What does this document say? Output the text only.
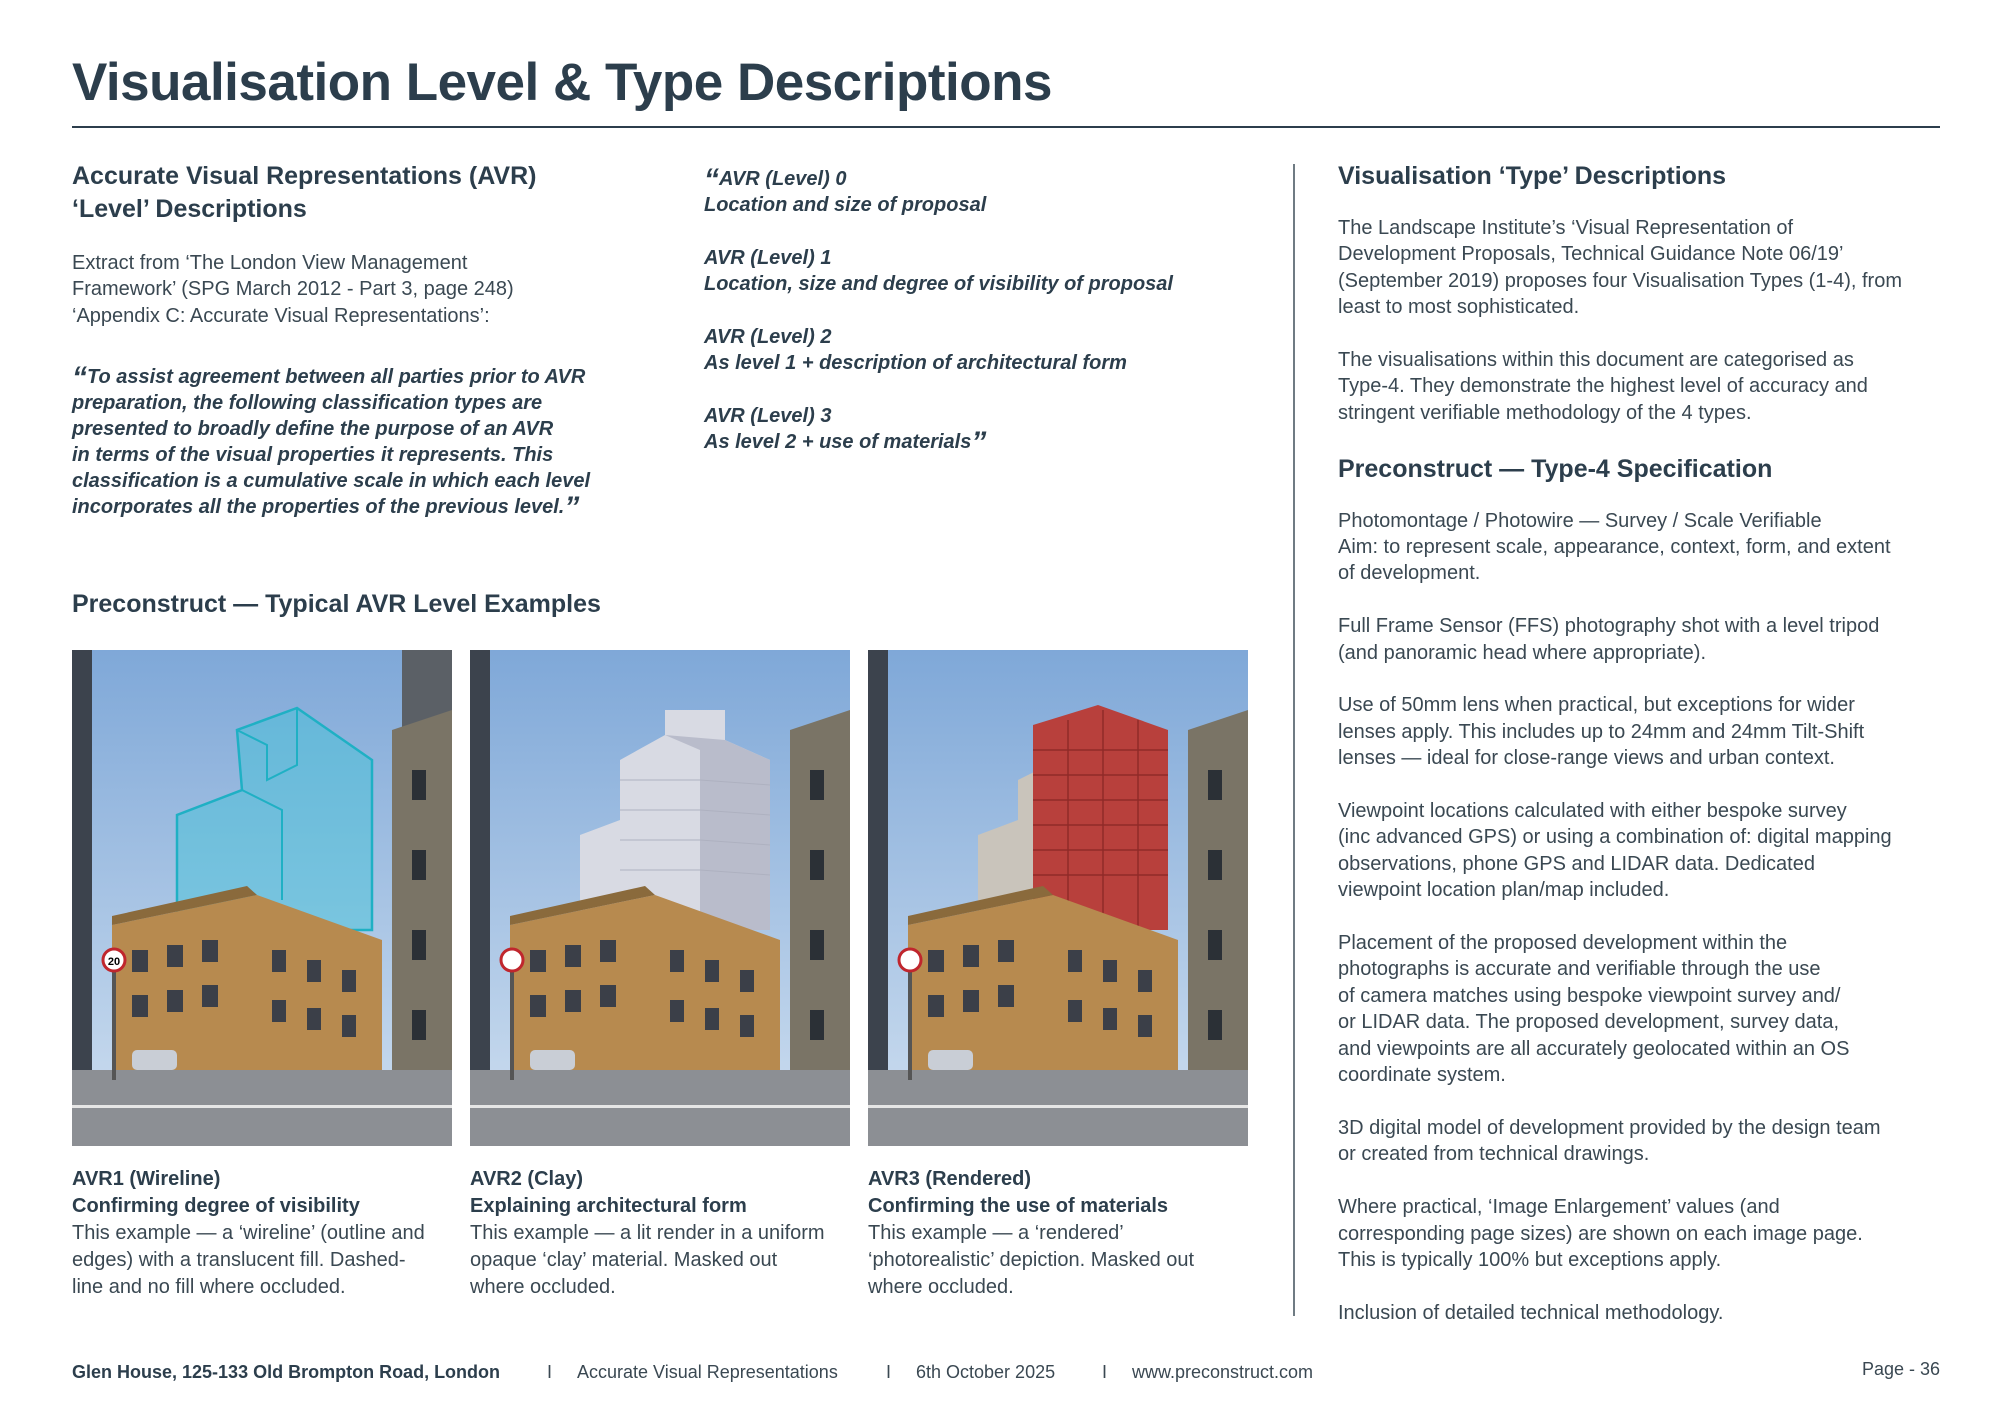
Visualisation Level & Type Descriptions
Accurate Visual Representations (AVR)
‘Level’ Descriptions
Extract from ‘The London View Management
Framework’ (SPG March 2012 - Part 3, page 248)
‘Appendix C: Accurate Visual Representations’:
“To assist agreement between all parties prior to AVR
preparation, the following classification types are
presented to broadly define the purpose of an AVR
in terms of the visual properties it represents. This
classification is a cumulative scale in which each level
incorporates all the properties of the previous level.”
“AVR (Level) 0
Location and size of proposal
AVR (Level) 1
Location, size and degree of visibility of proposal
AVR (Level) 2
As level 1 + description of architectural form
AVR (Level) 3
As level 2 + use of materials”
Preconstruct — Typical AVR Level Examples
20
AVR1 (Wireline)
Confirming degree of visibility
This example — a ‘wireline’ (outline and
edges) with a translucent fill. Dashed-
line and no fill where occluded.
AVR2 (Clay)
Explaining architectural form
This example — a lit render in a uniform
opaque ‘clay’ material. Masked out
where occluded.
AVR3 (Rendered)
Confirming the use of materials
This example — a ‘rendered’
‘photorealistic’ depiction. Masked out
where occluded.
Visualisation ‘Type’ Descriptions
The Landscape Institute’s ‘Visual Representation of
Development Proposals, Technical Guidance Note 06/19’
(September 2019) proposes four Visualisation Types (1-4), from
least to most sophisticated.
The visualisations within this document are categorised as
Type-4. They demonstrate the highest level of accuracy and
stringent verifiable methodology of the 4 types.
Preconstruct — Type-4 Specification
Photomontage / Photowire — Survey / Scale Verifiable
Aim: to represent scale, appearance, context, form, and extent
of development.
Full Frame Sensor (FFS) photography shot with a level tripod
(and panoramic head where appropriate).
Use of 50mm lens when practical, but exceptions for wider
lenses apply. This includes up to 24mm and 24mm Tilt-Shift
lenses — ideal for close-range views and urban context.
Viewpoint locations calculated with either bespoke survey
(inc advanced GPS) or using a combination of: digital mapping
observations, phone GPS and LIDAR data. Dedicated
viewpoint location plan/map included.
Placement of the proposed development within the
photographs is accurate and verifiable through the use
of camera matches using bespoke viewpoint survey and/
or LIDAR data. The proposed development, survey data,
and viewpoints are all accurately geolocated within an OS
coordinate system.
3D digital model of development provided by the design team
or created from technical drawings.
Where practical, ‘Image Enlargement’ values (and
corresponding page sizes) are shown on each image page.
This is typically 100% but exceptions apply.
Inclusion of detailed technical methodology.
Glen House, 125-133 Old Brompton Road, London	I Accurate Visual Representations	I 6th October 2025	I www.preconstruct.com	Page - 36
